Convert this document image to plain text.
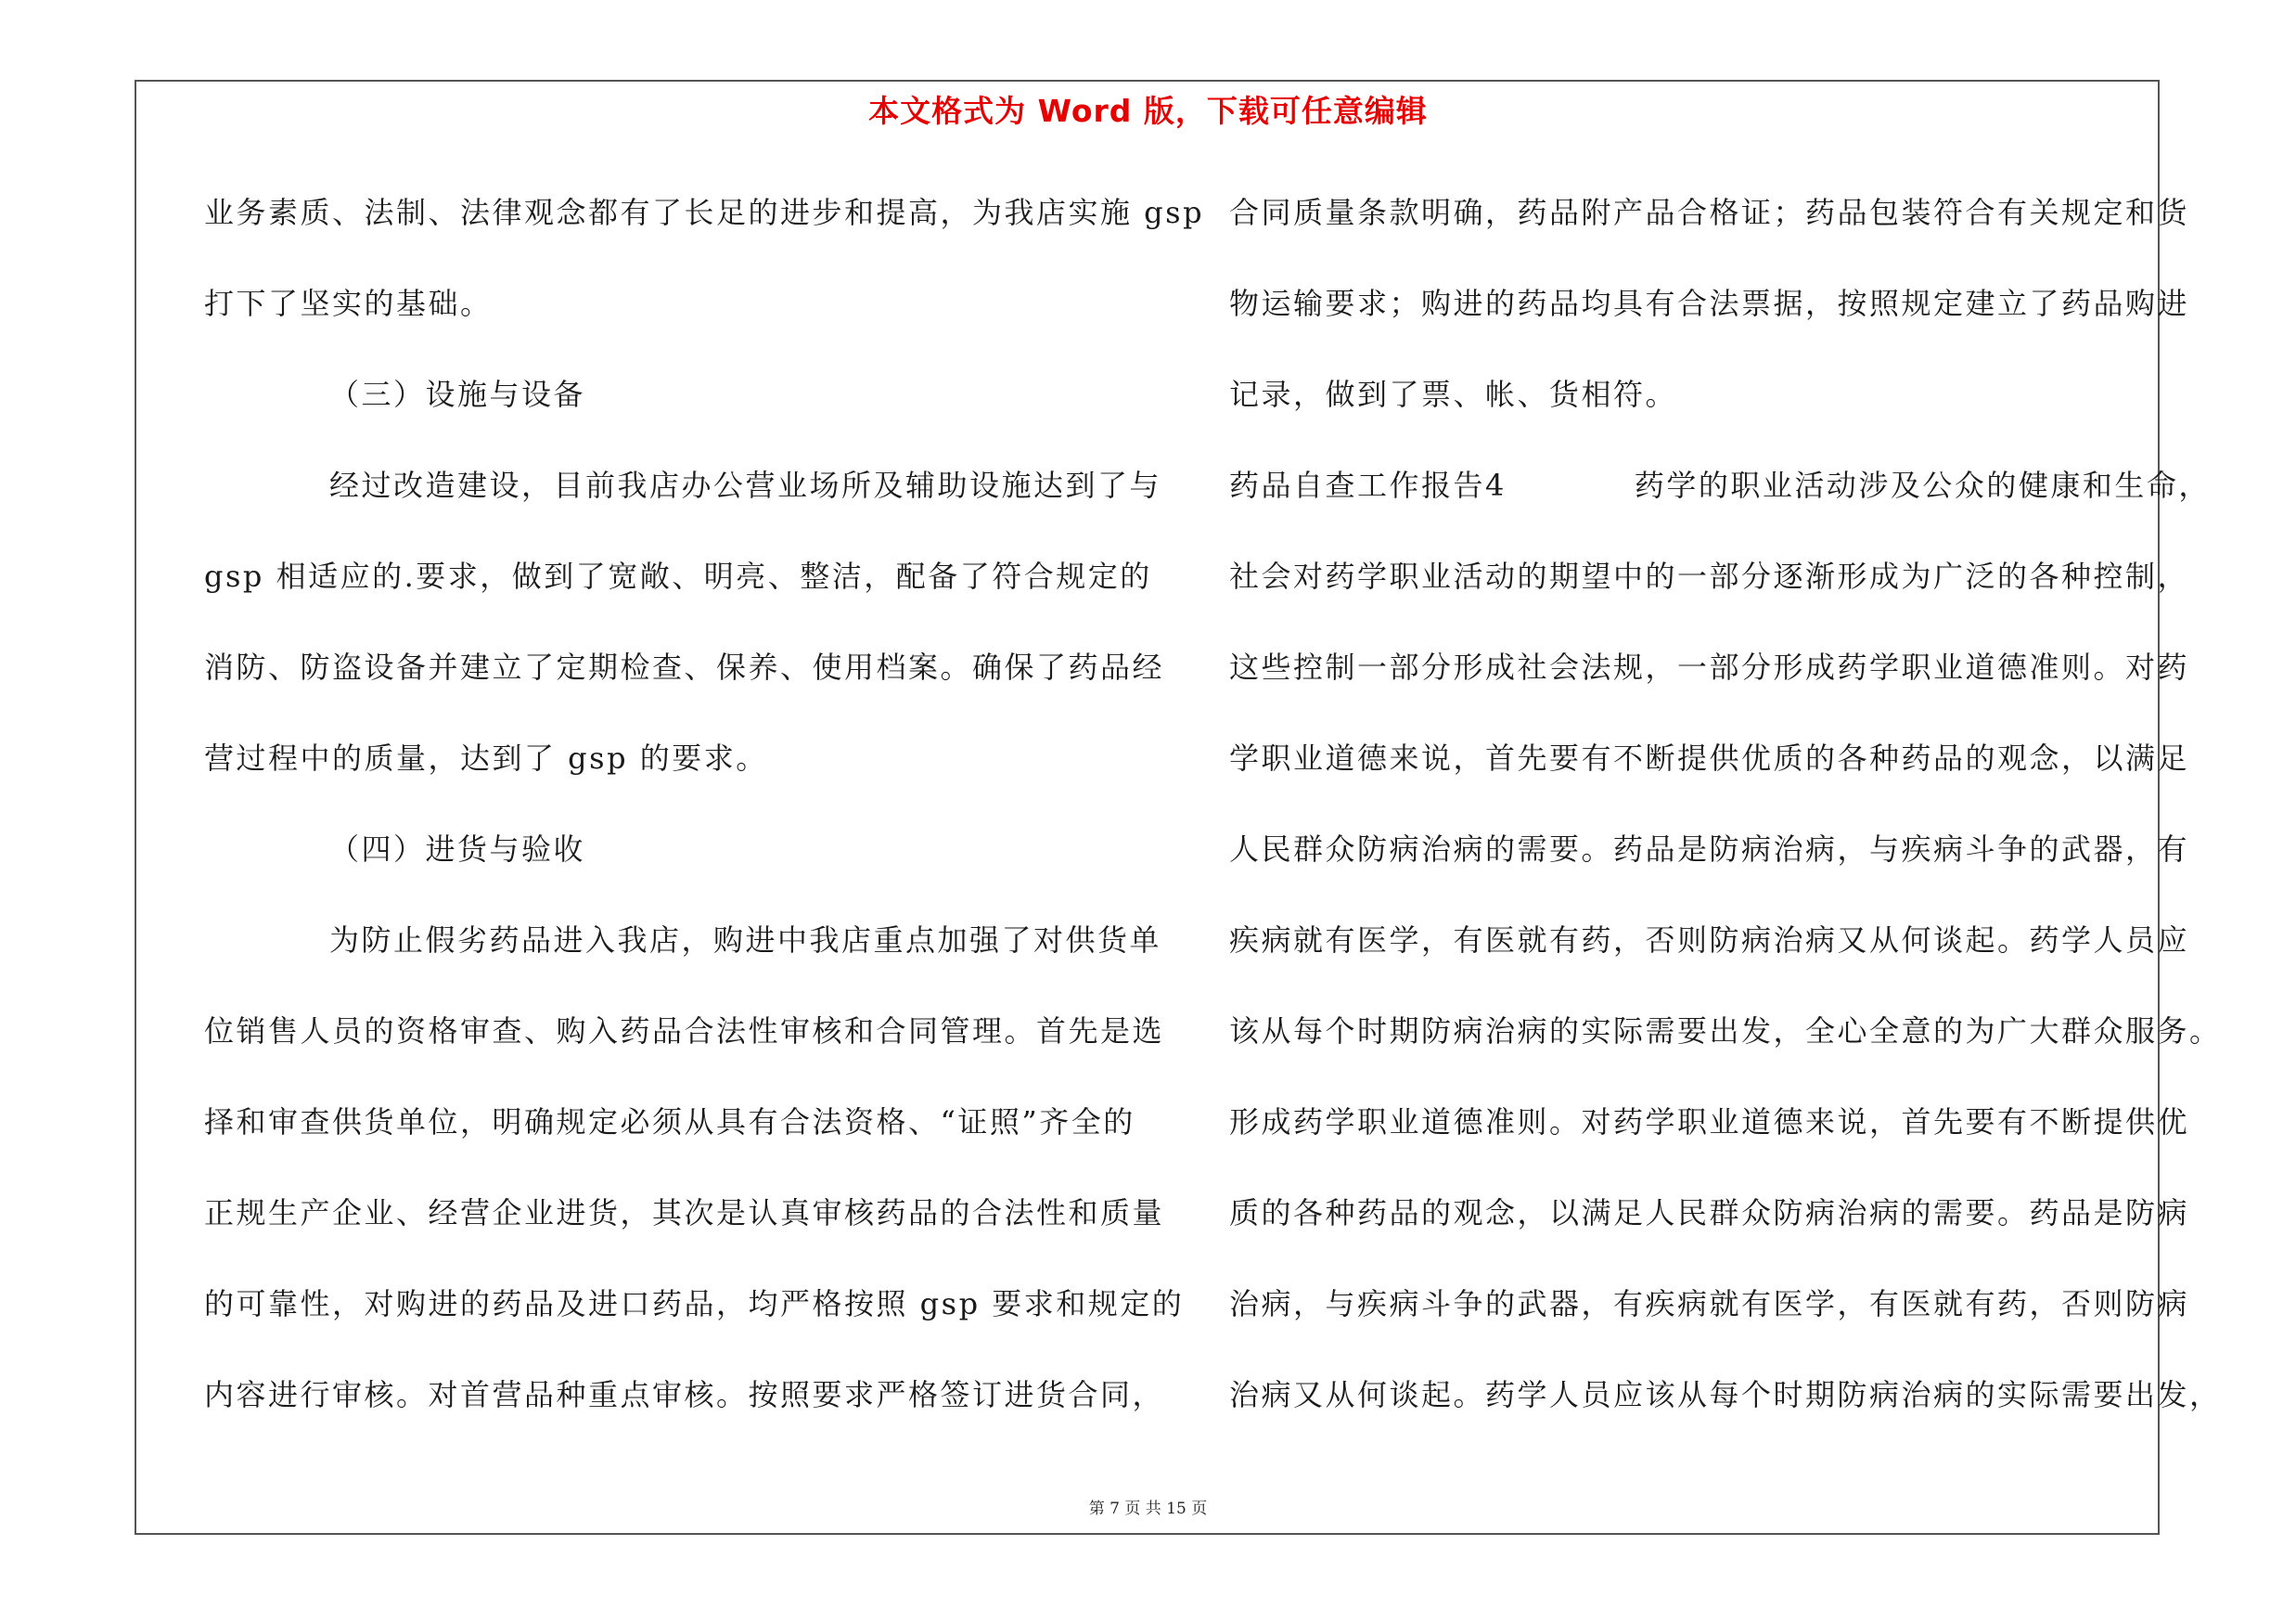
本文格式为 Word 版，下载可任意编辑
业务素质、法制、法律观念都有了长足的进步和提高，为我店实施 gsp
打下了坚实的基础。
（三）设施与设备
经过改造建设，目前我店办公营业场所及辅助设施达到了与
gsp 相适应的.要求，做到了宽敞、明亮、整洁，配备了符合规定的
消防、防盗设备并建立了定期检查、保养、使用档案。确保了药品经
营过程中的质量，达到了 gsp 的要求。
（四）进货与验收
为防止假劣药品进入我店，购进中我店重点加强了对供货单
位销售人员的资格审查、购入药品合法性审核和合同管理。首先是选
择和审查供货单位，明确规定必须从具有合法资格、“证照”齐全的
正规生产企业、经营企业进货，其次是认真审核药品的合法性和质量
的可靠性，对购进的药品及进口药品，均严格按照 gsp 要求和规定的
内容进行审核。对首营品种重点审核。按照要求严格签订进货合同，
合同质量条款明确，药品附产品合格证；药品包装符合有关规定和货
物运输要求；购进的药品均具有合法票据，按照规定建立了药品购进
记录，做到了票、帐、货相符。
药品自查工作报告4　　　　药学的职业活动涉及公众的健康和生命，
社会对药学职业活动的期望中的一部分逐渐形成为广泛的各种控制，
这些控制一部分形成社会法规，一部分形成药学职业道德准则。对药
学职业道德来说，首先要有不断提供优质的各种药品的观念，以满足
人民群众防病治病的需要。药品是防病治病，与疾病斗争的武器，有
疾病就有医学，有医就有药，否则防病治病又从何谈起。药学人员应
该从每个时期防病治病的实际需要出发，全心全意的为广大群众服务。
形成药学职业道德准则。对药学职业道德来说，首先要有不断提供优
质的各种药品的观念，以满足人民群众防病治病的需要。药品是防病
治病，与疾病斗争的武器，有疾病就有医学，有医就有药，否则防病
治病又从何谈起。药学人员应该从每个时期防病治病的实际需要出发，
第 7 页 共 15 页
